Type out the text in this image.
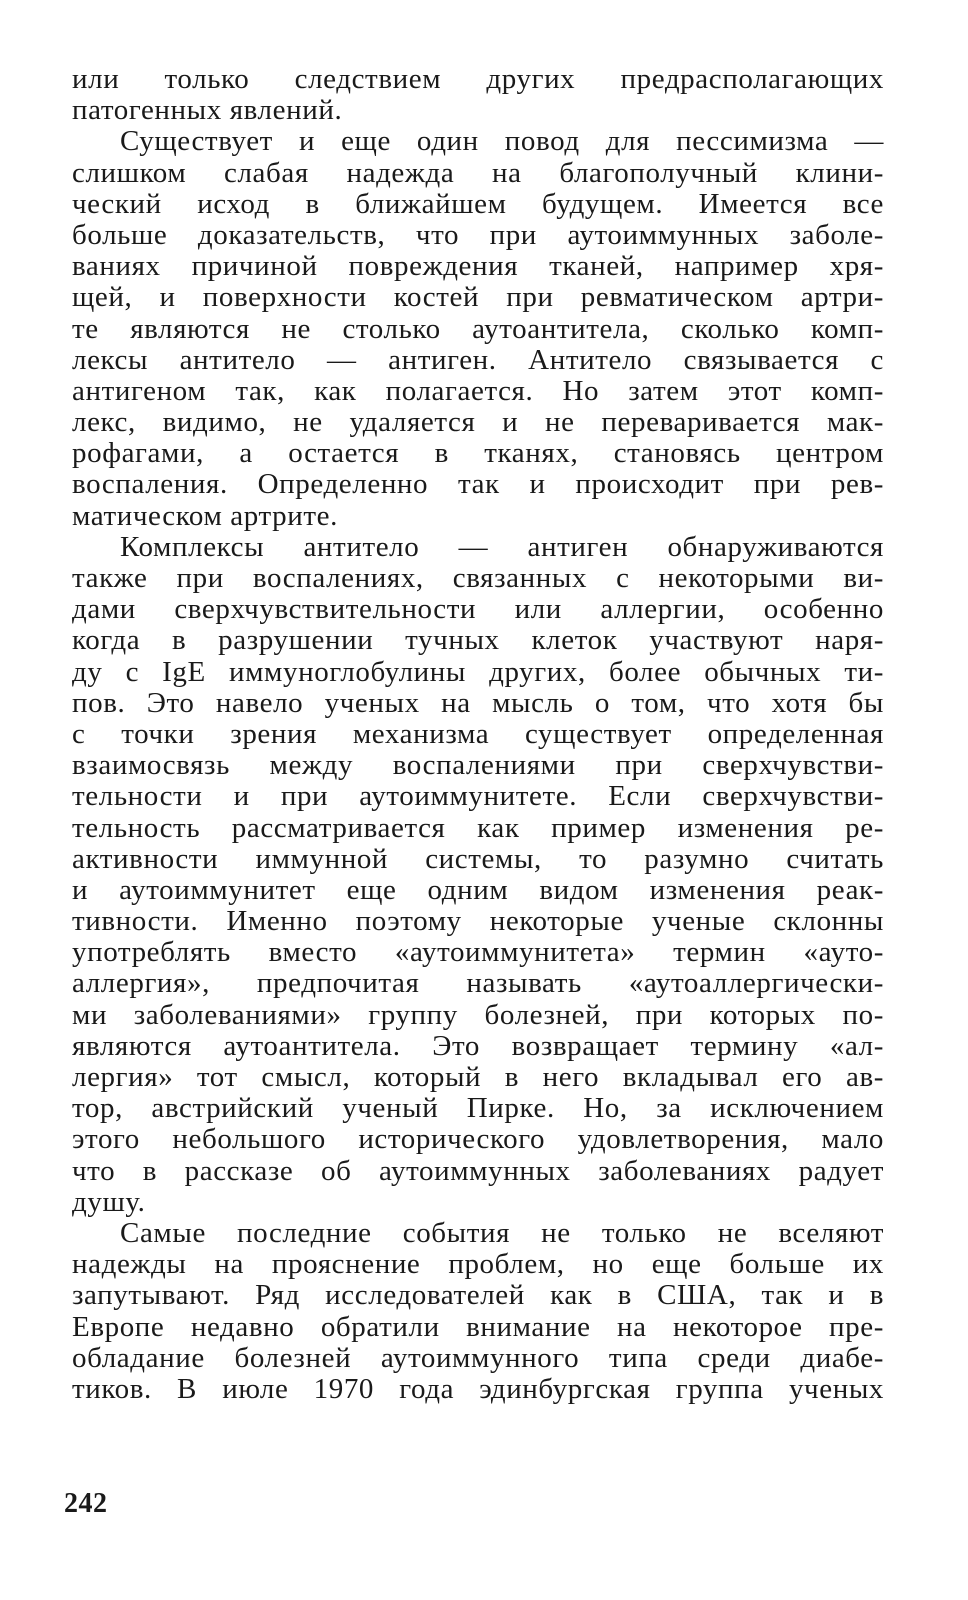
или только следствием других предрасполагающих
патогенных явлений.
Существует и еще один повод для пессимизма —
слишком слабая надежда на благополучный клини-
ческий исход в ближайшем будущем. Имеется все
больше доказательств, что при аутоиммунных заболе-
ваниях причиной повреждения тканей, например хря-
щей, и поверхности костей при ревматическом артри-
те являются не столько аутоантитела, сколько комп-
лексы антитело — антиген. Антитело связывается с
антигеном так, как полагается. Но затем этот комп-
лекс, видимо, не удаляется и не переваривается мак-
рофагами, а остается в тканях, становясь центром
воспаления. Определенно так и происходит при рев-
матическом артрите.
Комплексы антитело — антиген обнаруживаются
также при воспалениях, связанных с некоторыми ви-
дами сверхчувствительности или аллергии, особенно
когда в разрушении тучных клеток участвуют наря-
ду с IgE иммуноглобулины других, более обычных ти-
пов. Это навело ученых на мысль о том, что хотя бы
с точки зрения механизма существует определенная
взаимосвязь между воспалениями при сверхчувстви-
тельности и при аутоиммунитете. Если сверхчувстви-
тельность рассматривается как пример изменения ре-
активности иммунной системы, то разумно считать
и аутоиммунитет еще одним видом изменения реак-
тивности. Именно поэтому некоторые ученые склонны
употреблять вместо «аутоиммунитета» термин «ауто-
аллергия», предпочитая называть «аутоаллергически-
ми заболеваниями» группу болезней, при которых по-
являются аутоантитела. Это возвращает термину «ал-
лергия» тот смысл, который в него вкладывал его ав-
тор, австрийский ученый Пирке. Но, за исключением
этого небольшого исторического удовлетворения, мало
что в рассказе об аутоиммунных заболеваниях радует
душу.
Самые последние события не только не вселяют
надежды на прояснение проблем, но еще больше их
запутывают. Ряд исследователей как в США, так и в
Европе недавно обратили внимание на некоторое пре-
обладание болезней аутоиммунного типа среди диабе-
тиков. В июле 1970 года эдинбургская группа ученых
242
